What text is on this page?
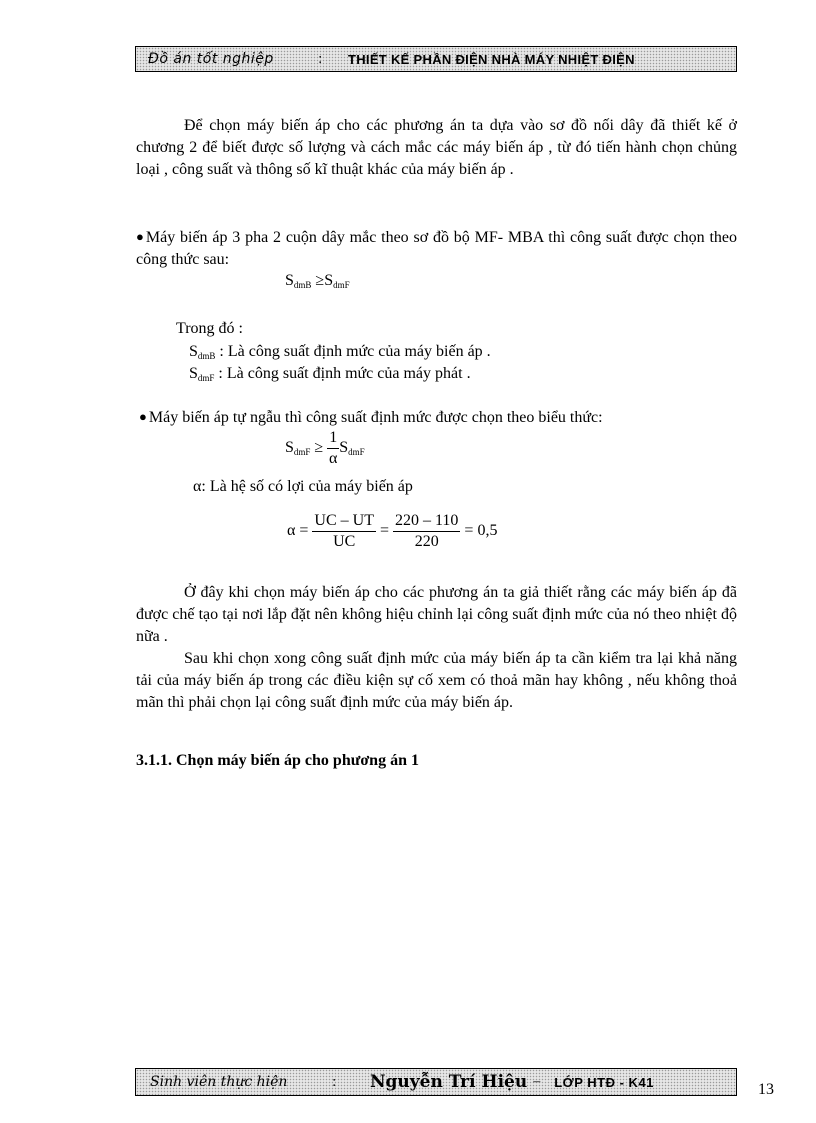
Đồ án tốt nghiệp	:	THIẾT KẾ PHẦN ĐIỆN NHÀ MÁY NHIỆT ĐIỆN

Để chọn máy biến áp cho các phương án ta dựa vào sơ đồ nối dây đã thiết kế ở chương 2 để biết được số lượng và cách mắc các máy biến áp , từ đó tiến hành chọn chủng loại , công suất và thông số kĩ thuật khác của máy biến áp .

● Máy biến áp 3 pha 2 cuộn dây mắc theo sơ đồ bộ MF- MBA thì công suất được chọn theo công thức sau:

$S_{dmB} \ge S_{dmF}$

Trong đó :

$S_{dmB}$ : Là công suất định mức của máy biến áp .

$S_{dmF}$ : Là công suất định mức của máy phát .

● Máy biến áp tự ngẫu thì công suất định mức được chọn theo biểu thức:

$S_{dmF} \ge \frac{1}{\alpha} S_{dmF}$

α: Là hệ số có lợi của máy biến áp

$\alpha = \frac{UC - UT}{UC} = \frac{220 - 110}{220} = 0,5$

Ở đây khi chọn máy biến áp cho các phương án ta giả thiết rằng các máy biến áp đã được chế tạo tại nơi lắp đặt nên không hiệu chỉnh lại công suất định mức của nó theo nhiệt độ nữa .

Sau khi chọn xong công suất định mức của máy biến áp ta cần kiểm tra lại khả năng tải của máy biến áp trong các điều kiện sự cố xem có thoả mãn hay không , nếu không thoả mãn thì phải chọn lại công suất định mức của máy biến áp.

3.1.1. Chọn máy biến áp cho phương án 1
Sinh viên thực hiện	:	Nguyễn Trí Hiệu – LỚP HTĐ - K41	13
